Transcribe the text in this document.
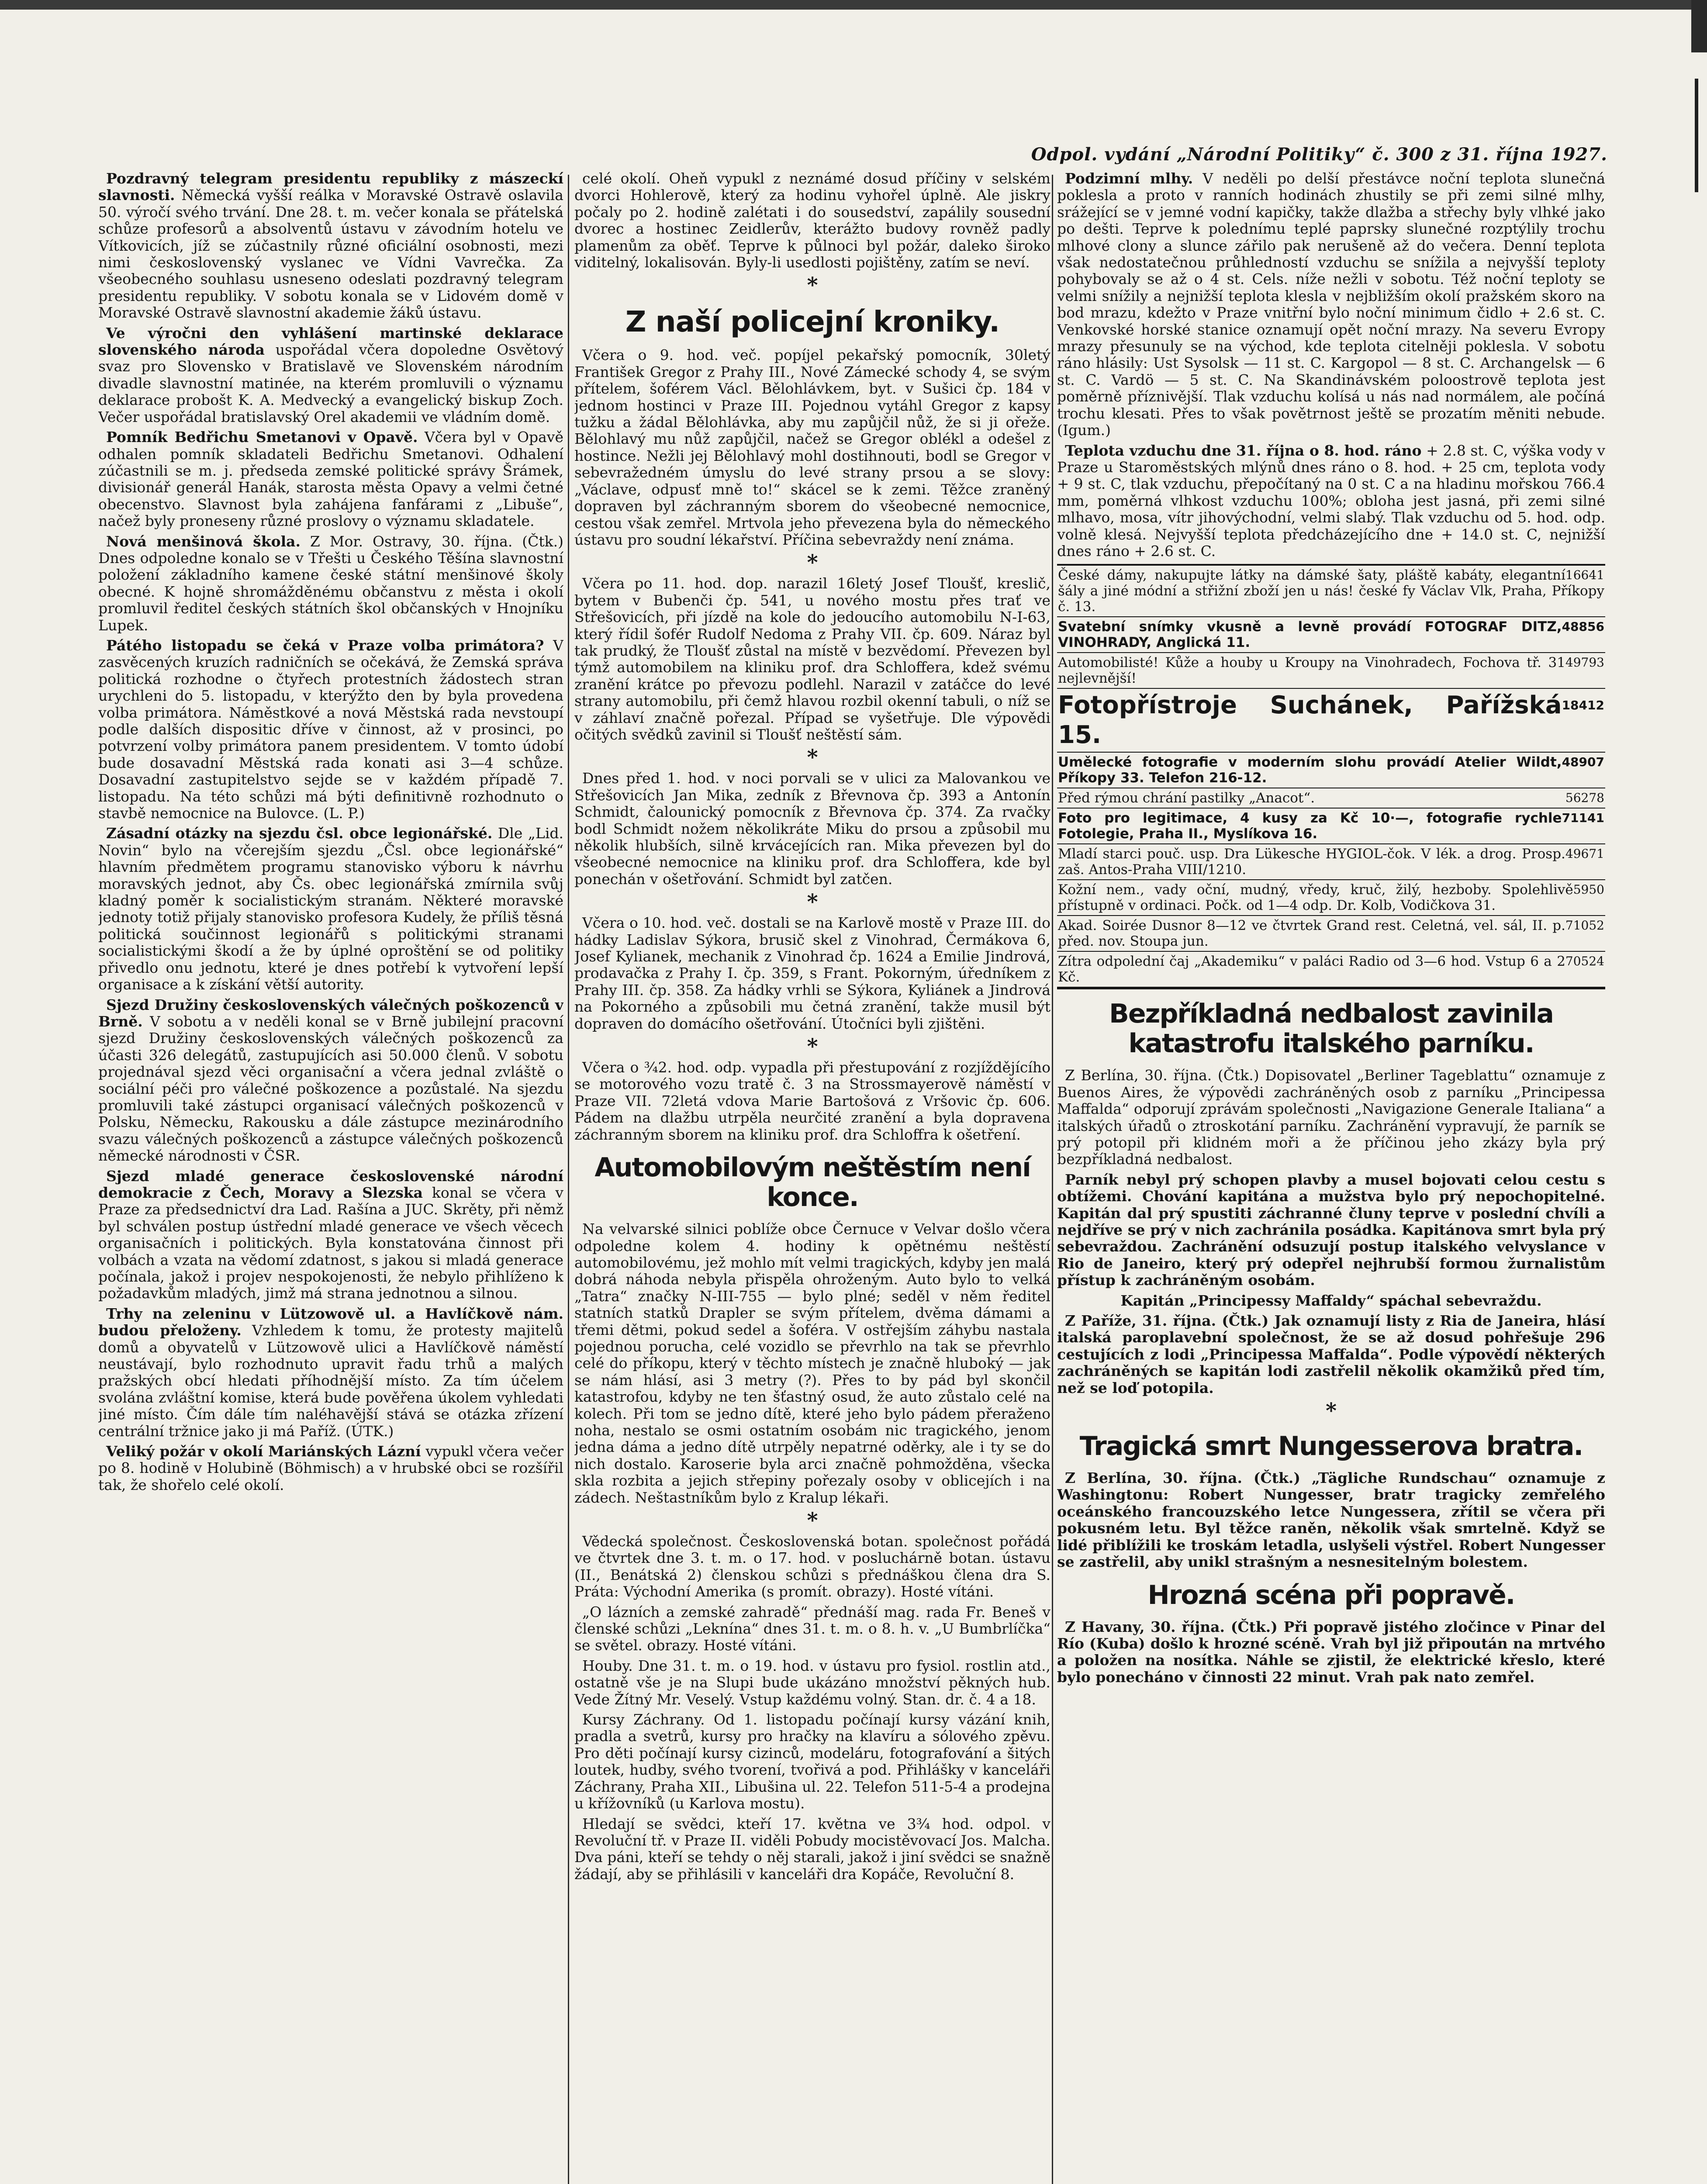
Odpol. vydání „Národní Politiky“ č. 300 z 31. října 1927.

Pozdravný telegram presidentu republiky z mászeckí slavnosti. Německá vyšší reálka v Moravské Ostravě oslavila 50. výročí svého trvání. Dne 28. t. m. večer konala se přátelská schůze profesorů a absolventů ústavu v závodním hotelu ve Vítkovicích, jíž se zúčastnily různé oficiální osobnosti, mezi nimi československý vyslanec ve Vídni Vavrečka. Za všeobecného souhlasu usneseno odeslati pozdravný telegram presidentu republiky. V sobotu konala se v Lidovém domě v Moravské Ostravě slavnostní akademie žáků ústavu.

Ve výročni den vyhlášení martinské deklarace slovenského národa uspořádal včera dopoledne Osvětový svaz pro Slovensko v Bratislavě ve Slovenském národním divadle slavnostní matinée, na kterém promluvili o významu deklarace probošt K. A. Medvecký a evangelický biskup Zoch. Večer uspořádal bratislavský Orel akademii ve vládním domě.

Pomník Bedřichu Smetanovi v Opavě. Včera byl v Opavě odhalen pomník skladateli Bedřichu Smetanovi. Odhalení zúčastnili se m. j. předseda zemské politické správy Šrámek, divisionář generál Hanák, starosta města Opavy a velmi četné obecenstvo. Slavnost byla zahájena fanfárami z „Libuše“, načež byly proneseny různé proslovy o významu skladatele.

Nová menšinová škola. Z Mor. Ostravy, 30. října. (Čtk.) Dnes odpoledne konalo se v Třešti u Českého Těšína slavnostní položení základního kamene české státní menšinové školy obecné. K hojně shromážděnému občanstvu z města i okolí promluvil ředitel českých státních škol občanských v Hnojníku Lupek.

Pátého listopadu se čeká v Praze volba primátora? V zasvěcených kruzích radničních se očekává, že Zemská správa politická rozhodne o čtyřech protestních žádostech stran urychleni do 5. listopadu, v kterýžto den by byla provedena volba primátora. Náměstkové a nová Městská rada nevstoupí podle dalších dispositic dříve v činnost, až v prosinci, po potvrzení volby primátora panem presidentem. V tomto údobí bude dosavadní Městská rada konati asi 3—4 schůze. Dosavadní zastupitelstvo sejde se v každém případě 7. listopadu. Na této schůzi má býti definitivně rozhodnuto o stavbě nemocnice na Bulovce. (L. P.)

Zásadní otázky na sjezdu čsl. obce legionářské. Dle „Lid. Novin“ bylo na včerejším sjezdu „Čsl. obce legionářské“ hlavním předmětem programu stanovisko výboru k návrhu moravských jednot, aby Čs. obec legionářská zmírnila svůj kladný poměr k socialistickým stranám. Některé moravské jednoty totiž přijaly stanovisko profesora Kudely, že příliš těsná politická součinnost legionářů s politickými stranami socialistickými škodí a že by úplné oproštění se od politiky přivedlo onu jednotu, které je dnes potřebí k vytvoření lepší organisace a k získání větší autority.

Sjezd Družiny československých válečných poškozenců v Brně. V sobotu a v neděli konal se v Brně jubilejní pracovní sjezd Družiny československých válečných poškozenců za účasti 326 delegátů, zastupujících asi 50.000 členů. V sobotu projednával sjezd věci organisační a včera jednal zvláště o sociální péči pro válečné poškozence a pozůstalé. Na sjezdu promluvili také zástupci organisací válečných poškozenců v Polsku, Německu, Rakousku a dále zástupce mezinárodního svazu válečných poškozenců a zástupce válečných poškozenců německé národnosti v ČSR.

Sjezd mladé generace československé národní demokracie z Čech, Moravy a Slezska konal se včera v Praze za předsednictví dra Lad. Rašína a JUC. Skrěty, při němž byl schválen postup ústřední mladé generace ve všech věcech organisačních i politických. Byla konstatována činnost při volbách a vzata na vědomí zdatnost, s jakou si mladá generace počínala, jakož i projev nespokojenosti, že nebylo přihlíženo k požadavkům mladých, jimž má strana jednotnou a silnou.

Trhy na zeleninu v Lützowově ul. a Havlíčkově nám. budou přeloženy. Vzhledem k tomu, že protesty majitelů domů a obyvatelů v Lützowově ulici a Havlíčkově náměstí neustávají, bylo rozhodnuto upravit řadu trhů a malých pražských obcí hledati příhodnější místo. Za tím účelem svolána zvláštní komise, která bude pověřena úkolem vyhledati jiné místo. Čím dále tím naléhavější stává se otázka zřízení centrální tržnice jako ji má Paříž. (ÚTK.)

Veliký požár v okolí Mariánských Lázní vypukl včera večer po 8. hodině v Holubině (Böhmisch) a v hrubské obci se rozšířil tak, že shořelo celé okolí.

celé okolí. Oheň vypukl z neznámé dosud příčiny v selském dvorci Hohlerově, který za hodinu vyhořel úplně. Ale jiskry počaly po 2. hodině zalétati i do sousedství, zapálily sousední dvorec a hostinec Zeidlerův, kterážto budovy rovněž padly plamenům za oběť. Teprve k půlnoci byl požár, daleko široko viditelný, lokalisován. Byly-li usedlosti pojištěny, zatím se neví.

*
Z naší policejní kroniky.

Včera o 9. hod. več. popíjel pekařský pomocník, 30letý František Gregor z Prahy III., Nové Zámecké schody 4, se svým přítelem, šoférem Václ. Bělohlávkem, byt. v Sušici čp. 184 v jednom hostinci v Praze III. Pojednou vytáhl Gregor z kapsy tužku a žádal Bělohlávka, aby mu zapůjčil nůž, že si ji ořeže. Bělohlavý mu nůž zapůjčil, načež se Gregor oblékl a odešel z hostince. Nežli jej Bělohlavý mohl dostihnouti, bodl se Gregor v sebevražedném úmyslu do levé strany prsou a se slovy: „Václave, odpusť mně to!“ skácel se k zemi. Těžce zraněný dopraven byl záchranným sborem do všeobecné nemocnice, cestou však zemřel. Mrtvola jeho převezena byla do německého ústavu pro soudní lékařství. Příčina sebevraždy není známa.

*

Včera po 11. hod. dop. narazil 16letý Josef Tloušť, kreslič, bytem v Bubenči čp. 541, u nového mostu přes trať ve Střešovicích, při jízdě na kole do jedoucího automobilu N-I-63, který řídil šofér Rudolf Nedoma z Prahy VII. čp. 609. Náraz byl tak prudký, že Tloušť zůstal na místě v bezvědomí. Převezen byl týmž automobilem na kliniku prof. dra Schloffera, kdež svému zranění krátce po převozu podlehl. Narazil v zatáčce do levé strany automobilu, při čemž hlavou rozbil okenní tabuli, o níž se v záhlaví značně pořezal. Případ se vyšetřuje. Dle výpovědi očitých svědků zavinil si Tloušť neštěstí sám.

*

Dnes před 1. hod. v noci porvali se v ulici za Malovankou ve Střešovicích Jan Mika, zedník z Břevnova čp. 393 a Antonín Schmidt, čalounický pomocník z Břevnova čp. 374. Za rvačky bodl Schmidt nožem několikráte Miku do prsou a způsobil mu několik hlubších, silně krvácejících ran. Mika převezen byl do všeobecné nemocnice na kliniku prof. dra Schloffera, kde byl ponechán v ošetřování. Schmidt byl zatčen.

*

Včera o 10. hod. več. dostali se na Karlově mostě v Praze III. do hádky Ladislav Sýkora, brusič skel z Vinohrad, Čermákova 6, Josef Kylianek, mechanik z Vinohrad čp. 1624 a Emilie Jindrová, prodavačka z Prahy I. čp. 359, s Frant. Pokorným, úředníkem z Prahy III. čp. 358. Za hádky vrhli se Sýkora, Kyliánek a Jindrová na Pokorného a způsobili mu četná zranění, takže musil být dopraven do domácího ošetřování. Útočníci byli zjištěni.

*

Včera o ¾2. hod. odp. vypadla při přestupování z rozjíždějícího se motorového vozu tratě č. 3 na Strossmayerově náměstí v Praze VII. 72letá vdova Marie Bartošová z Vršovic čp. 606. Pádem na dlažbu utrpěla neurčité zranění a byla dopravena záchranným sborem na kliniku prof. dra Schloffra k ošetření.

Automobilovým neštěstím není konce.

Na velvarské silnici poblíže obce Černuce v Velvar došlo včera odpoledne kolem 4. hodiny k opětnému neštěstí automobilovému, jež mohlo mít velmi tragických, kdyby jen malá dobrá náhoda nebyla přispěla ohroženým. Auto bylo to velká „Tatra“ značky N-III-755 — bylo plné; seděl v něm ředitel statních statků Drapler se svým přítelem, dvěma dámami a třemi dětmi, pokud sedel a šoféra. V ostřejším záhybu nastala pojednou porucha, celé vozidlo se převrhlo na tak se převrhlo celé do příkopu, který v těchto místech je značně hluboký — jak se nám hlásí, asi 3 metry (?). Přes to by pád byl skončil katastrofou, kdyby ne ten šťastný osud, že auto zůstalo celé na kolech. Při tom se jedno dítě, které jeho bylo pádem přeraženo noha, nestalo se osmi ostatním osobám nic tragického, jenom jedna dáma a jedno dítě utrpěly nepatrné oděrky, ale i ty se do nich dostalo. Karoserie byla arci značně pohmožděna, všecka skla rozbita a jejich střepiny pořezaly osoby v oblicejích i na zádech. Neštastníkům bylo z Kralup lékaři.

*

Vědecká společnost. Československá botan. společnost pořádá ve čtvrtek dne 3. t. m. o 17. hod. v posluchárně botan. ústavu (II., Benátská 2) členskou schůzi s přednáškou člena dra S. Práta: Východní Amerika (s promít. obrazy). Hosté vítáni.

„O lázních a zemské zahradě“ přednáší mag. rada Fr. Beneš v členské schůzi „Leknína“ dnes 31. t. m. o 8. h. v. „U Bumbrlíčka“ se světel. obrazy. Hosté vítáni.

Houby. Dne 31. t. m. o 19. hod. v ústavu pro fysiol. rostlin atd., ostatně vše je na Slupi bude ukázáno množství pěkných hub. Vede Žítný Mr. Veselý. Vstup každému volný. Stan. dr. č. 4 a 18.

Kursy Záchrany. Od 1. listopadu počínají kursy vázání knih, pradla a svetrů, kursy pro hračky na klavíru a sólového zpěvu. Pro děti počínají kursy cizinců, modeláru, fotografování a šitých loutek, hudby, svého tvorení, tvořivá a pod. Přihlášky v kanceláři Záchrany, Praha XII., Libušina ul. 22. Telefon 511-5-4 a prodejna u křížovníků (u Karlova mostu).

Hledají se svědci, kteří 17. května ve 3¾ hod. odpol. v Revoluční tř. v Praze II. viděli Pobudy mocistěvovací Jos. Malcha. Dva páni, kteří se tehdy o něj starali, jakož i jiní svědci se snažně žádají, aby se přihlásili v kanceláři dra Kopáče, Revoluční 8.

Podzimní mlhy. V neděli po delší přestávce noční teplota slunečná poklesla a proto v ranních hodinách zhustily se při zemi silné mlhy, srážející se v jemné vodní kapičky, takže dlažba a střechy byly vlhké jako po dešti. Teprve k polednímu teplé paprsky slunečné rozptýlily trochu mlhové clony a slunce zářilo pak nerušeně až do večera. Denní teplota však nedostatečnou průhledností vzduchu se snížila a nejvyšší teploty pohybovaly se až o 4 st. Cels. níže nežli v sobotu. Též noční teploty se velmi snížily a nejnižší teplota klesla v nejbližším okolí pražském skoro na bod mrazu, kdežto v Praze vnitřní bylo noční minimum čidlo + 2.6 st. C. Venkovské horské stanice oznamují opět noční mrazy. Na severu Evropy mrazy přesunuly se na východ, kde teplota citelněji poklesla. V sobotu ráno hlásily: Ust Sysolsk — 11 st. C. Kargopol — 8 st. C. Archangelsk — 6 st. C. Vardö — 5 st. C. Na Skandinávském poloostrově teplota jest poměrně příznivější. Tlak vzduchu kolísá u nás nad normálem, ale počíná trochu klesati. Přes to však povětrnost ještě se prozatím měniti nebude. (Igum.)

Teplota vzduchu dne 31. října o 8. hod. ráno + 2.8 st. C, výška vody v Praze u Staroměstských mlýnů dnes ráno o 8. hod. + 25 cm, teplota vody + 9 st. C, tlak vzduchu, přepočítaný na 0 st. C a na hladinu mořskou 766.4 mm, poměrná vlhkost vzduchu 100%; obloha jest jasná, při zemi silné mlhavo, mosa, vítr jihovýchodní, velmi slabý. Tlak vzduchu od 5. hod. odp. volně klesá. Nejvyšší teplota předcházejícího dne + 14.0 st. C, nejnižší dnes ráno + 2.6 st. C.

16641
České dámy, nakupujte látky na dámské šaty, pláště kabáty, elegantní šály a jiné módní a střižní zboží jen u nás! české fy Václav Vlk, Praha, Příkopy č. 13.
48856
Svatební snímky vkusně a levně provádí FOTOGRAF DITZ, VINOHRADY, Anglická 11.
49793
Automobilisté! Kůže a houby u Kroupy na Vinohradech, Fochova tř. 31 nejlevnější!
18412
Fotopřístroje Suchánek, Pařížská 15.
48907
Umělecké fotografie v moderním slohu provádí Atelier Wildt, Příkopy 33. Telefon 216-12.
56278
Před rýmou chrání pastilky „Anacot“.
71141
Foto pro legitimace, 4 kusy za Kč 10·—, fotografie rychle Fotolegie, Praha II., Myslíkova 16.
49671
Mladí starci pouč. usp. Dra Lükesche HYGIOL-čok. V lék. a drog. Prosp. zaš. Antos-Praha VIII/1210.
5950
Kožní nem., vady oční, mudný, vředy, kruč, žilý, hezboby. Spolehlivě přístupně v ordinaci. Počk. od 1—4 odp. Dr. Kolb, Vodičkova 31.
71052
Akad. Soirée Dusnor 8—12 ve čtvrtek Grand rest. Celetná, vel. sál, II. p. před. nov. Stoupa jun.
70524
Zítra odpolední čaj „Akademiku“ v paláci Radio od 3—6 hod. Vstup 6 a 2 Kč.
Bezpříkladná nedbalost zavinila katastrofu italského parníku.

Z Berlína, 30. října. (Čtk.) Dopisovatel „Berliner Tageblattu“ oznamuje z Buenos Aires, že výpovědi zachráněných osob z parníku „Principessa Maffalda“ odporují zprávám společnosti „Navigazione Generale Italiana“ a italských úřadů o ztroskotání parníku. Zachránění vypravují, že parník se prý potopil při klidném moři a že příčinou jeho zkázy byla prý bezpříkladná nedbalost.

Parník nebyl prý schopen plavby a musel bojovati celou cestu s obtížemi. Chování kapitána a mužstva bylo prý nepochopitelné. Kapitán dal prý spustiti záchranné čluny teprve v poslední chvíli a nejdříve se prý v nich zachránila posádka. Kapitánova smrt byla prý sebevraždou. Zachránění odsuzují postup italského velvyslance v Rio de Janeiro, který prý odepřel nejhrubší formou žurnalistům přístup k zachráněným osobám.

Kapitán „Principessy Maffaldy“ spáchal sebevraždu.

Z Paříže, 31. října. (Čtk.) Jak oznamují listy z Ria de Janeira, hlásí italská paroplavební společnost, že se až dosud pohřešuje 296 cestujících z lodi „Principessa Maffalda“. Podle výpovědí některých zachráněných se kapitán lodi zastřelil několik okamžiků před tím, než se loď potopila.

*
Tragická smrt Nungesserova bratra.

Z Berlína, 30. října. (Čtk.) „Tägliche Rundschau“ oznamuje z Washingtonu: Robert Nungesser, bratr tragicky zemřelého oceánského francouzského letce Nungessera, zřítil se včera při pokusném letu. Byl těžce raněn, několik však smrtelně. Když se lidé přiblížili ke troskám letadla, uslyšeli výstřel. Robert Nungesser se zastřelil, aby unikl strašným a nesnesitelným bolestem.

Hrozná scéna při popravě.

Z Havany, 30. října. (Čtk.) Při popravě jistého zločince v Pinar del Río (Kuba) došlo k hrozné scéně. Vrah byl již připoután na mrtvého a položen na nosítka. Náhle se zjistil, že elektrické křeslo, které bylo ponecháno v činnosti 22 minut. Vrah pak nato zemřel.
